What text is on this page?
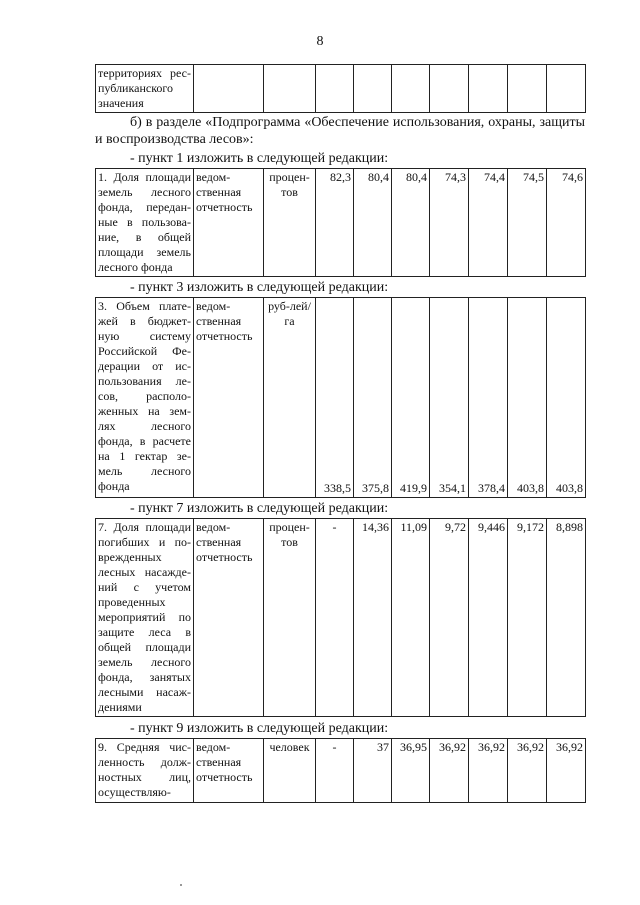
8
территориях рес-публиканского значения									
б) в разделе «Подпрограмма «Обеспечение использования, охраны, защиты и воспроизводства лесов»:
- пункт 1 изложить в следующей редакции:
1. Доля площади земель лесного фонда, передан-ные в пользова-ние, в общей площади земель лесного фонда	ведом-ственная отчетность	процен-тов	82,3	80,4	80,4	74,3	74,4	74,5	74,6
- пункт 3 изложить в следующей редакции:
3. Объем плате-жей в бюджет-ную систему Российской Фе-дерации от ис-пользования ле-сов, располо-женных на зем-лях лесного фонда, в расчете на 1 гектар зе-мель лесного фонда	ведом-ственная отчетность	руб-лей/га	338,5	375,8	419,9	354,1	378,4	403,8	403,8
- пункт 7 изложить в следующей редакции:
7. Доля площади погибших и по-врежденных лесных насажде-ний с учетом проведенных мероприятий по защите леса в общей площади земель лесного фонда, занятых лесными насаж-дениями	ведом-ственная отчетность	процен-тов	-	14,36	11,09	9,72	9,446	9,172	8,898
- пункт 9 изложить в следующей редакции:
9. Средняя чис-ленность долж-ностных лиц, осуществляю-	ведом-ственная отчетность	человек	-	37	36,95	36,92	36,92	36,92	36,92
